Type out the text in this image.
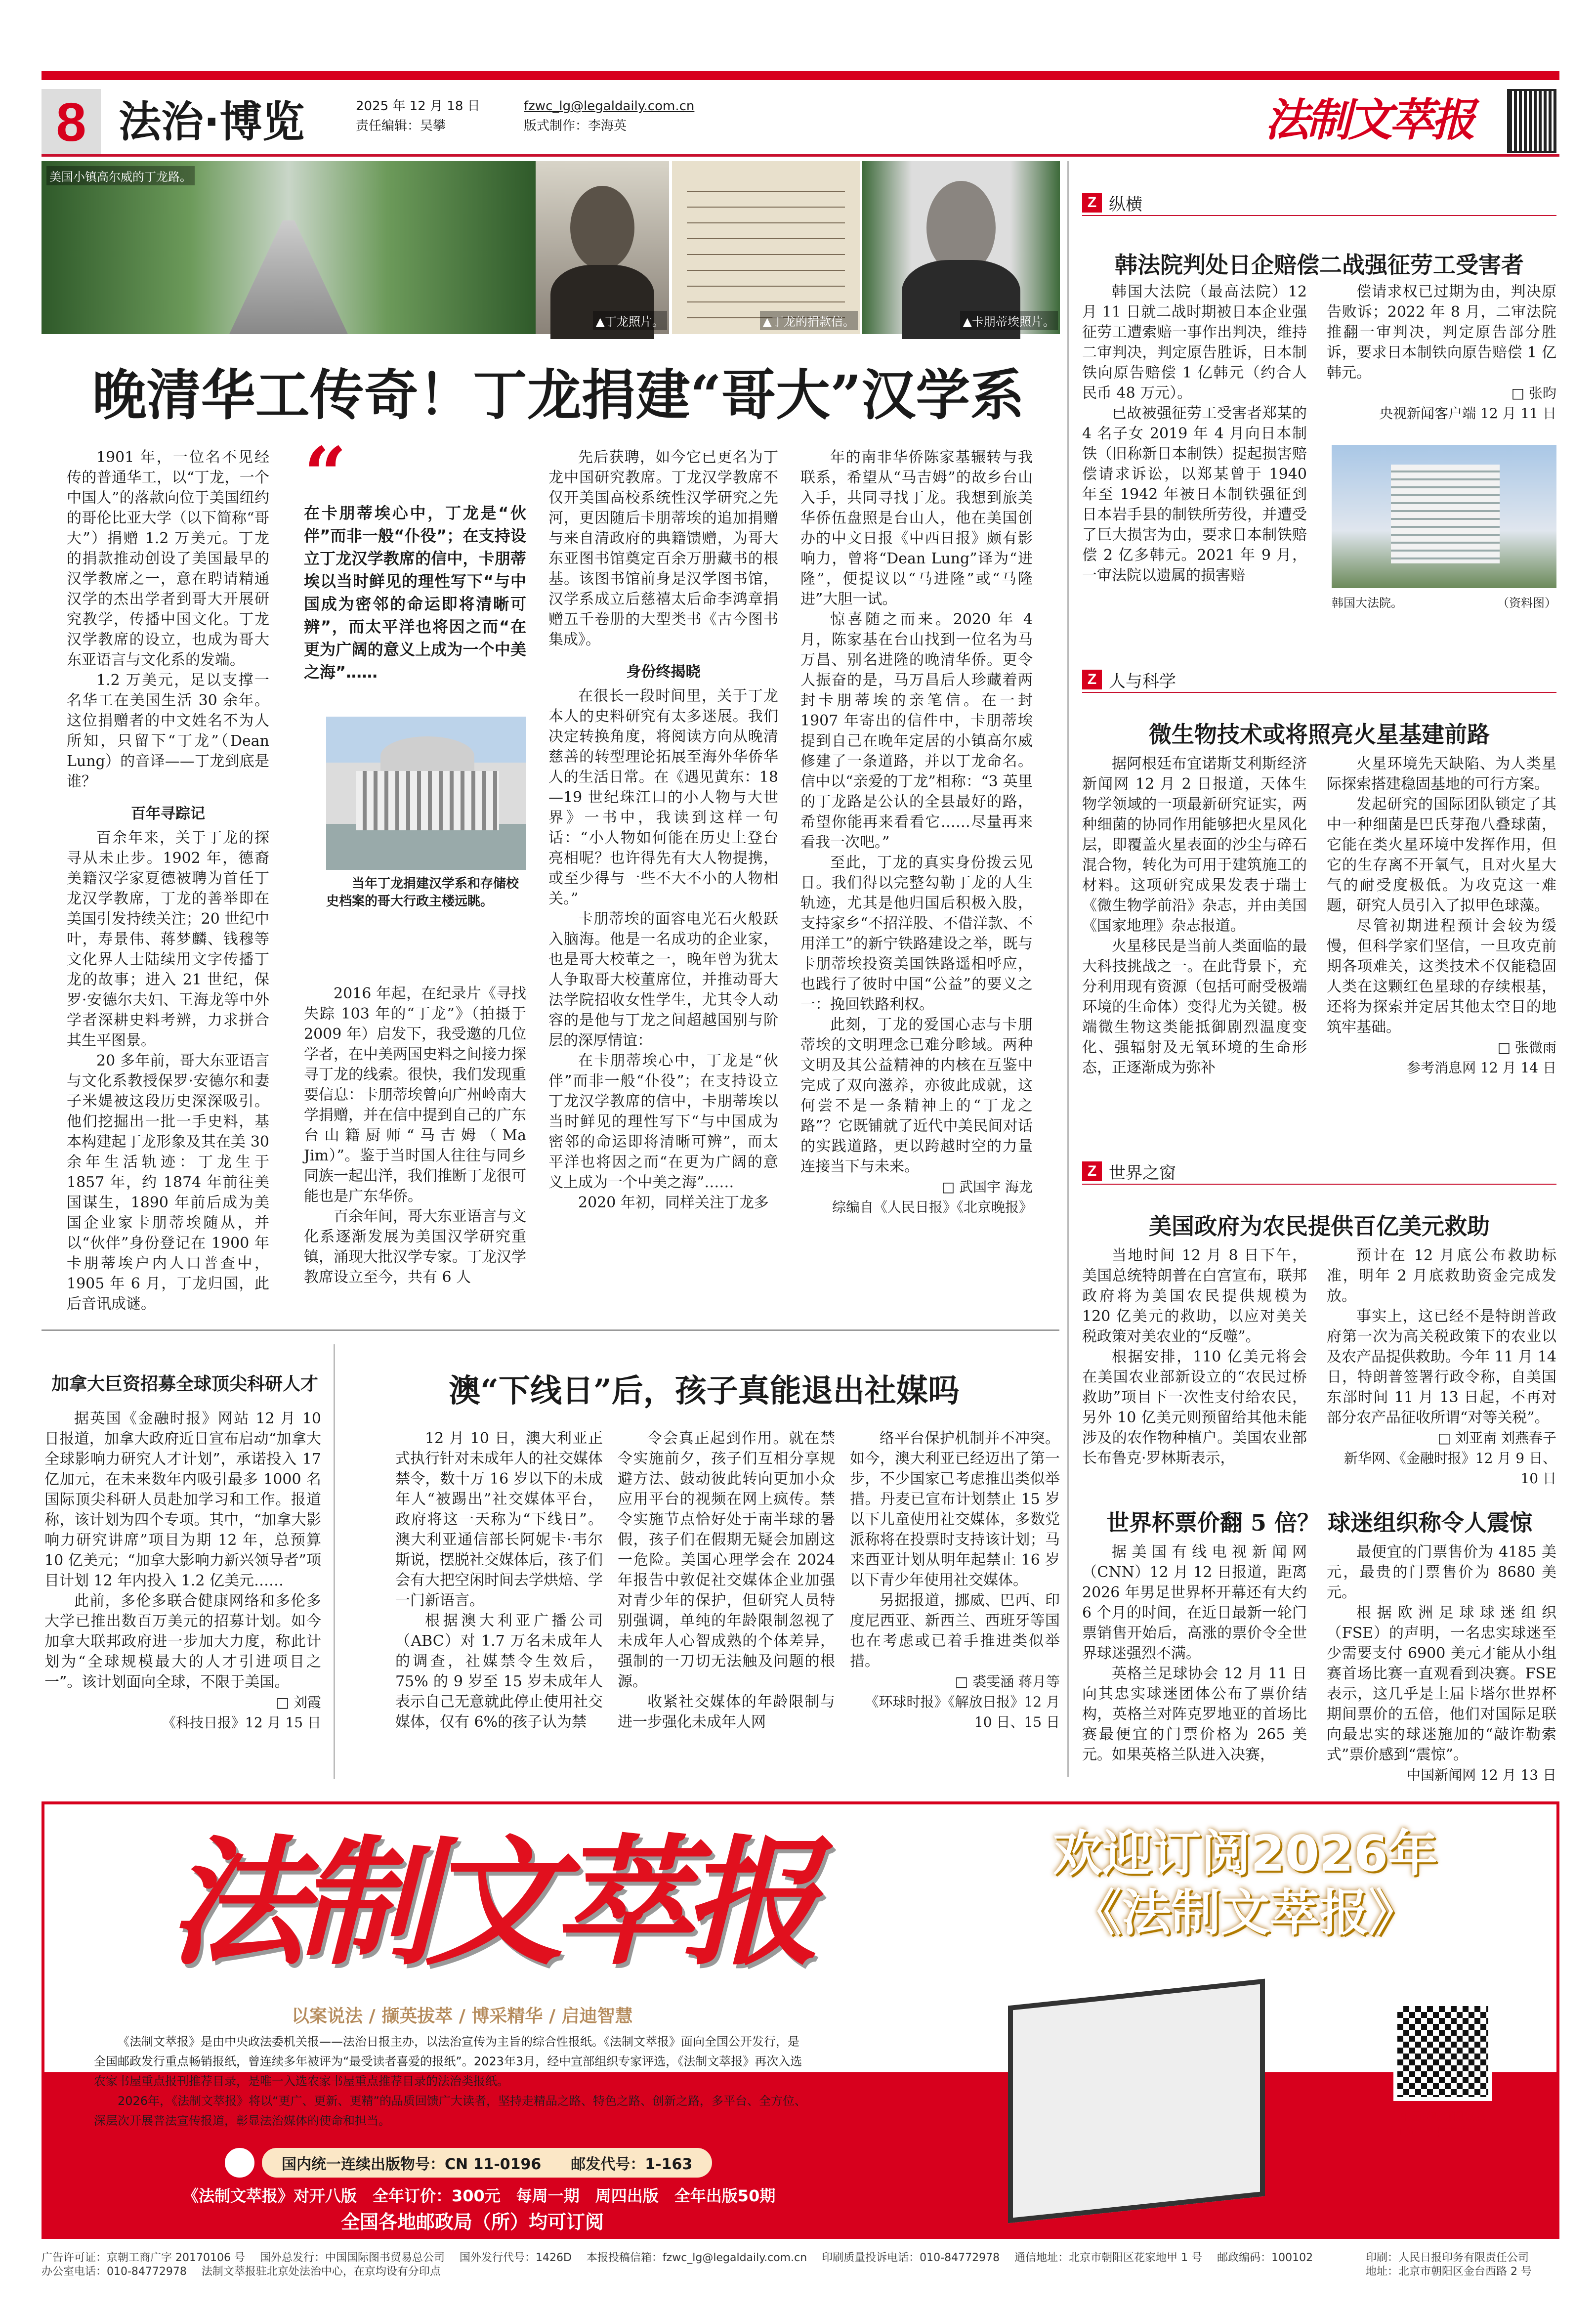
8 法治·博览	2025 年 12 月 18 日
责任编辑：吴攀
fzwc_lg@legaldaily.com.cn
版式制作：李海英	法制文萃报
美国小镇高尔威的丁龙路。
▲丁龙照片。	▲丁龙的捐款信。	▲卡朋蒂埃照片。
晚清华工传奇！丁龙捐建“哥大”汉学系

1901 年，一位名不见经传的普通华工，以“丁龙，一个中国人”的落款向位于美国纽约的哥伦比亚大学（以下简称“哥大”）捐赠 1.2 万美元。丁龙的捐款推动创设了美国最早的汉学教席之一，意在聘请精通汉学的杰出学者到哥大开展研究教学，传播中国文化。丁龙汉学教席的设立，也成为哥大东亚语言与文化系的发端。

1.2 万美元，足以支撑一名华工在美国生活 30 余年。这位捐赠者的中文姓名不为人所知，只留下“丁龙”（Dean Lung）的音译——丁龙到底是谁？

百年寻踪记

百余年来，关于丁龙的探寻从未止步。1902 年，德裔美籍汉学家夏德被聘为首任丁龙汉学教席，丁龙的善举即在美国引发持续关注；20 世纪中叶，寿景伟、蒋梦麟、钱穆等文化界人士陆续用文字传播丁龙的故事；进入 21 世纪，保罗·安德尔夫妇、王海龙等中外学者深耕史料考辨，力求拼合其生平图景。

20 多年前，哥大东亚语言与文化系教授保罗·安德尔和妻子米媞被这段历史深深吸引。他们挖掘出一批一手史料，基本构建起丁龙形象及其在美 30 余年生活轨迹：丁龙生于 1857 年，约 1874 年前往美国谋生，1890 年前后成为美国企业家卡朋蒂埃随从，并以“伙伴”身份登记在 1900 年卡朋蒂埃户内人口普查中，1905 年 6 月，丁龙归国，此后音讯成谜。

“
在卡朋蒂埃心中，丁龙是“伙伴”而非一般“仆役”；在支持设立丁龙汉学教席的信中，卡朋蒂埃以当时鲜见的理性写下“与中国成为密邻的命运即将清晰可辨”，而太平洋也将因之而“在更为广阔的意义上成为一个中美之海”……
当年丁龙捐建汉学系和存储校史档案的哥大行政主楼远眺。

2016 年起，在纪录片《寻找失踪 103 年的“丁龙”》（拍摄于 2009 年）启发下，我受邀的几位学者，在中美两国史料之间接力探寻丁龙的线索。很快，我们发现重要信息：卡朋蒂埃曾向广州岭南大学捐赠，并在信中提到自己的广东台山籍厨师“马吉姆（Ma Jim）”。鉴于当时国人往往与同乡同族一起出洋，我们推断丁龙很可能也是广东华侨。

百余年间，哥大东亚语言与文化系逐渐发展为美国汉学研究重镇，涌现大批汉学专家。丁龙汉学教席设立至今，共有 6 人

先后获聘，如今它已更名为丁龙中国研究教席。丁龙汉学教席不仅开美国高校系统性汉学研究之先河，更因随后卡朋蒂埃的追加捐赠与来自清政府的典籍馈赠，为哥大东亚图书馆奠定百余万册藏书的根基。该图书馆前身是汉学图书馆，汉学系成立后慈禧太后命李鸿章捐赠五千卷册的大型类书《古今图书集成》。

身份终揭晓

在很长一段时间里，关于丁龙本人的史料研究有太多迷展。我们决定转换角度，将阅读方向从晚清慈善的转型理论拓展至海外华侨华人的生活日常。在《遇见黄东：18—19 世纪珠江口的小人物与大世界》一书中，我读到这样一句话：“小人物如何能在历史上登台亮相呢？也许得先有大人物提携，或至少得与一些不大不小的人物相关。”

卡朋蒂埃的面容电光石火般跃入脑海。他是一名成功的企业家，也是哥大校董之一，晚年曾为犹太人争取哥大校董席位，并推动哥大法学院招收女性学生，尤其令人动容的是他与丁龙之间超越国别与阶层的深厚情谊：

在卡朋蒂埃心中，丁龙是“伙伴”而非一般“仆役”；在支持设立丁龙汉学教席的信中，卡朋蒂埃以当时鲜见的理性写下“与中国成为密邻的命运即将清晰可辨”，而太平洋也将因之而“在更为广阔的意义上成为一个中美之海”……

2020 年初，同样关注丁龙多

年的南非华侨陈家基辗转与我联系，希望从“马吉姆”的故乡台山入手，共同寻找丁龙。我想到旅美华侨伍盘照是台山人，他在美国创办的中文日报《中西日报》颇有影响力，曾将“Dean Lung”译为“进隆”，便提议以“马进隆”或“马隆进”大胆一试。

惊喜随之而来。2020 年 4 月，陈家基在台山找到一位名为马万昌、别名进隆的晚清华侨。更令人振奋的是，马万昌后人珍藏着两封卡朋蒂埃的亲笔信。在一封 1907 年寄出的信件中，卡朋蒂埃提到自己在晚年定居的小镇高尔威修建了一条道路，并以丁龙命名。信中以“亲爱的丁龙”相称：“3 英里的丁龙路是公认的全县最好的路，希望你能再来看看它……尽量再来看我一次吧。”

至此，丁龙的真实身份拨云见日。我们得以完整勾勒丁龙的人生轨迹，尤其是他归国后积极入股，支持家乡“不招洋股、不借洋款、不用洋工”的新宁铁路建设之举，既与卡朋蒂埃投资美国铁路遥相呼应，也践行了彼时中国“公益”的要义之一：挽回铁路利权。

此刻，丁龙的爱国心志与卡朋蒂埃的文明理念已难分畛域。两种文明及其公益精神的内核在互鉴中完成了双向滋养，亦彼此成就，这何尝不是一条精神上的“丁龙之路”？它既铺就了近代中美民间对话的实践道路，更以跨越时空的力量连接当下与未来。

□ 武国宇 海龙

综编自《人民日报》《北京晚报》

Z 纵横
韩法院判处日企赔偿二战强征劳工受害者

韩国大法院（最高法院）12 月 11 日就二战时期被日本企业强征劳工遭索赔一事作出判决，维持二审判决，判定原告胜诉，日本制铁向原告赔偿 1 亿韩元（约合人民币 48 万元）。

已故被强征劳工受害者郑某的 4 名子女 2019 年 4 月向日本制铁（旧称新日本制铁）提起损害赔偿请求诉讼，以郑某曾于 1940 年至 1942 年被日本制铁强征到日本岩手县的制铁所劳役，并遭受了巨大损害为由，要求日本制铁赔偿 2 亿多韩元。2021 年 9 月，一审法院以遗属的损害赔

偿请求权已过期为由，判决原告败诉；2022 年 8 月，二审法院推翻一审判决，判定原告部分胜诉，要求日本制铁向原告赔偿 1 亿韩元。

□ 张昀

央视新闻客户端 12 月 11 日

韩国大法院。	（资料图）
Z 人与科学
微生物技术或将照亮火星基建前路

据阿根廷布宜诺斯艾利斯经济新闻网 12 月 2 日报道，天体生物学领域的一项最新研究证实，两种细菌的协同作用能够把火星风化层，即覆盖火星表面的沙尘与碎石混合物，转化为可用于建筑施工的材料。这项研究成果发表于瑞士《微生物学前沿》杂志，并由美国《国家地理》杂志报道。

火星移民是当前人类面临的最大科技挑战之一。在此背景下，充分利用现有资源（包括可耐受极端环境的生命体）变得尤为关键。极端微生物这类能抵御剧烈温度变化、强辐射及无氧环境的生命形态，正逐渐成为弥补

火星环境先天缺陷、为人类星际探索搭建稳固基地的可行方案。

发起研究的国际团队锁定了其中一种细菌是巴氏芽孢八叠球菌，它能在类火星环境中发挥作用，但它的生存离不开氧气，且对火星大气的耐受度极低。为攻克这一难题，研究人员引入了拟甲色球藻。

尽管初期进程预计会较为缓慢，但科学家们坚信，一旦攻克前期各项难关，这类技术不仅能稳固人类在这颗红色星球的存续根基，还将为探索并定居其他太空目的地筑牢基础。

□ 张微雨

参考消息网 12 月 14 日

Z 世界之窗
美国政府为农民提供百亿美元救助

当地时间 12 月 8 日下午，美国总统特朗普在白宫宣布，联邦政府将为美国农民提供规模为 120 亿美元的救助，以应对美关税政策对美农业的“反噬”。

根据安排，110 亿美元将会在美国农业部新设立的“农民过桥救助”项目下一次性支付给农民，另外 10 亿美元则预留给其他未能涉及的农作物种植户。美国农业部长布鲁克·罗林斯表示，

预计在 12 月底公布救助标准，明年 2 月底救助资金完成发放。

事实上，这已经不是特朗普政府第一次为高关税政策下的农业以及农产品提供救助。今年 11 月 14 日，特朗普签署行政令称，自美国东部时间 11 月 13 日起，不再对部分农产品征收所谓“对等关税”。

□ 刘亚南 刘燕春子

新华网、《金融时报》12 月 9 日、10 日

世界杯票价翻 5 倍？ 球迷组织称令人震惊

据美国有线电视新闻网（CNN）12 月 12 日报道，距离 2026 年男足世界杯开幕还有大约 6 个月的时间，在近日最新一轮门票销售开始后，高涨的票价令全世界球迷强烈不满。

英格兰足球协会 12 月 11 日向其忠实球迷团体公布了票价结构，英格兰对阵克罗地亚的首场比赛最便宜的门票价格为 265 美元。如果英格兰队进入决赛，

最便宜的门票售价为 4185 美元，最贵的门票售价为 8680 美元。

根据欧洲足球球迷组织（FSE）的声明，一名忠实球迷至少需要支付 6900 美元才能从小组赛首场比赛一直观看到决赛。FSE 表示，这几乎是上届卡塔尔世界杯期间票价的五倍，他们对国际足联向最忠实的球迷施加的“敲诈勒索式”票价感到“震惊”。

中国新闻网 12 月 13 日

加拿大巨资招募全球顶尖科研人才

据英国《金融时报》网站 12 月 10 日报道，加拿大政府近日宣布启动“加拿大全球影响力研究人才计划”，承诺投入 17 亿加元，在未来数年内吸引最多 1000 名国际顶尖科研人员赴加学习和工作。报道称，该计划为四个专项。其中，“加拿大影响力研究讲席”项目为期 12 年，总预算 10 亿美元；“加拿大影响力新兴领导者”项目计划 12 年内投入 1.2 亿美元……

此前，多伦多联合健康网络和多伦多大学已推出数百万美元的招募计划。如今加拿大联邦政府进一步加大力度，称此计划为“全球规模最大的人才引进项目之一”。该计划面向全球，不限于美国。

□ 刘霞

《科技日报》12 月 15 日

澳“下线日”后，孩子真能退出社媒吗

12 月 10 日，澳大利亚正式执行针对未成年人的社交媒体禁令，数十万 16 岁以下的未成年人“被踢出”社交媒体平台，政府将这一天称为“下线日”。澳大利亚通信部长阿妮卡·韦尔斯说，摆脱社交媒体后，孩子们会有大把空闲时间去学烘焙、学一门新语言。

根据澳大利亚广播公司（ABC）对 1.7 万名未成年人的调查，社媒禁令生效后，75% 的 9 岁至 15 岁未成年人表示自己无意就此停止使用社交媒体，仅有 6%的孩子认为禁

令会真正起到作用。就在禁令实施前夕，孩子们互相分享规避方法、鼓动彼此转向更加小众应用平台的视频在网上疯传。禁令实施节点恰好处于南半球的暑假，孩子们在假期无疑会加剧这一危险。美国心理学会在 2024 年报告中敦促社交媒体企业加强对青少年的保护，但研究人员特别强调，单纯的年龄限制忽视了未成年人心智成熟的个体差异，强制的一刀切无法触及问题的根源。

收紧社交媒体的年龄限制与进一步强化未成年人网

络平台保护机制并不冲突。如今，澳大利亚已经迈出了第一步，不少国家已考虑推出类似举措。丹麦已宣布计划禁止 15 岁以下儿童使用社交媒体，多数党派称将在投票时支持该计划；马来西亚计划从明年起禁止 16 岁以下青少年使用社交媒体。

另据报道，挪威、巴西、印度尼西亚、新西兰、西班牙等国也在考虑或已着手推进类似举措。

□ 裘雯涵 蒋月等

《环球时报》《解放日报》12 月 10 日、15 日

法制文萃报	欢迎订阅2026年
《法制文萃报》
以案说法 / 撷英拔萃 / 博采精华 / 启迪智慧

《法制文萃报》是由中央政法委机关报——法治日报主办，以法治宣传为主旨的综合性报纸。《法制文萃报》面向全国公开发行，是全国邮政发行重点畅销报纸，曾连续多年被评为“最受读者喜爱的报纸”。2023年3月，经中宣部组织专家评选，《法制文萃报》再次入选农家书屋重点报刊推荐目录，是唯一入选农家书屋重点推荐目录的法治类报纸。

2026年，《法制文萃报》将以“更广、更新、更精”的品质回馈广大读者，坚持走精品之路、特色之路、创新之路，多平台、全方位、深层次开展普法宣传报道，彰显法治媒体的使命和担当。

国内统一连续出版物号：CN 11-0196　　邮发代号：1-163
《法制文萃报》对开八版　全年订价：300元　每周一期　周四出版　全年出版50期
全国各地邮政局（所）均可订阅
中国邮政订阅热线
010-84772978
广告许可证：京朝工商广字 20170106 号 国外总发行：中国国际图书贸易总公司 国外发行代号：1426D 本报投稿信箱：fzwc_lg@legaldaily.com.cn 印刷质量投诉电话：010-84772978 通信地址：北京市朝阳区花家地甲 1 号 邮政编码：100102
办公室电话：010-84772978 法制文萃报驻北京处法治中心，在京均设有分印点
印刷：人民日报印务有限责任公司
地址：北京市朝阳区金台西路 2 号
